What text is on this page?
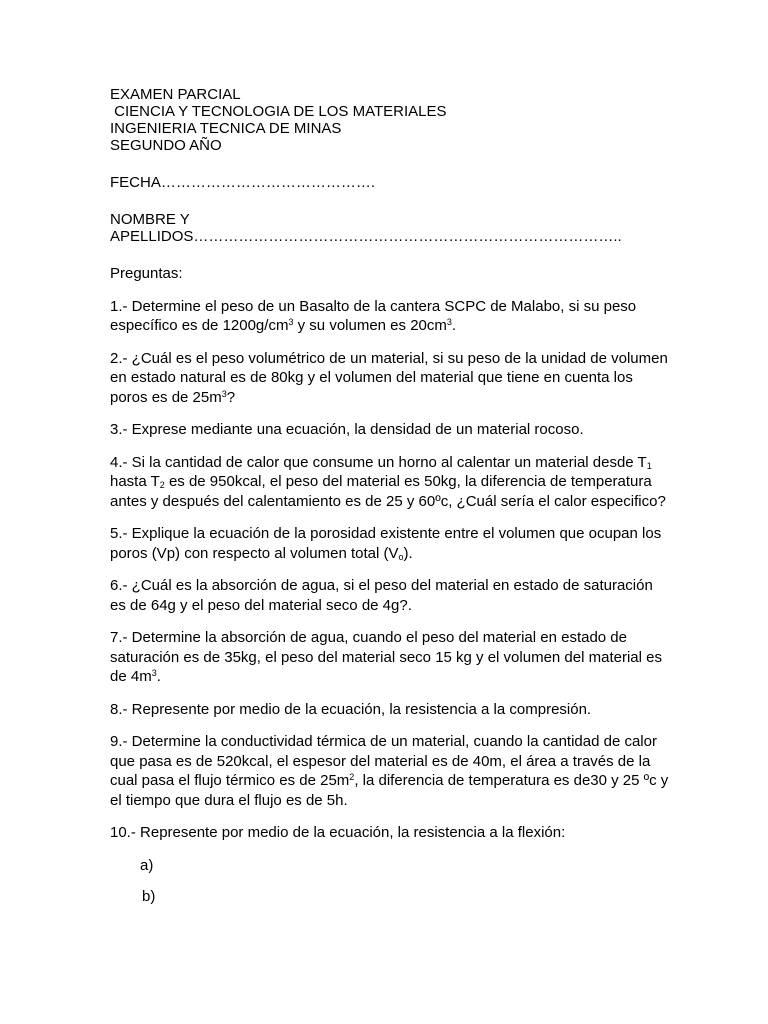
EXAMEN PARCIAL
CIENCIA Y TECNOLOGIA DE LOS MATERIALES
INGENIERIA TECNICA DE MINAS
SEGUNDO AÑO
FECHA…………………………………….
NOMBRE Y
APELLIDOS…………………………………………………………………………..
Preguntas:
1.- Determine el peso de un Basalto de la cantera SCPC de Malabo, si su peso específico es de $1200g/cm^3$ y su volumen es $20cm^3$.
2.- ¿Cuál es el peso volumétrico de un material, si su peso de la unidad de volumen en estado natural es de 80kg y el volumen del material que tiene en cuenta los poros es de $25m^3$?
3.- Exprese mediante una ecuación, la densidad de un material rocoso.
4.- Si la cantidad de calor que consume un horno al calentar un material desde $T_1$ hasta $T_2$ es de 950kcal, el peso del material es 50kg, la diferencia de temperatura antes y después del calentamiento es de 25 y 60ºc, ¿Cuál sería el calor especifico?
5.- Explique la ecuación de la porosidad existente entre el volumen que ocupan los poros (Vp) con respecto al volumen total $(V_o)$.
6.- ¿Cuál es la absorción de agua, si el peso del material en estado de saturación es de 64g y el peso del material seco de 4g?.
7.- Determine la absorción de agua, cuando el peso del material en estado de saturación es de 35kg, el peso del material seco 15 kg y el volumen del material es de $4m^3$.
8.- Represente por medio de la ecuación, la resistencia a la compresión.
9.- Determine la conductividad térmica de un material, cuando la cantidad de calor que pasa es de 520kcal, el espesor del material es de 40m, el área a través de la cual pasa el flujo térmico es de $25m^2$, la diferencia de temperatura es de30 y 25 ºc y el tiempo que dura el flujo es de 5h.
10.- Represente por medio de la ecuación, la resistencia a la flexión:
a)
b)
